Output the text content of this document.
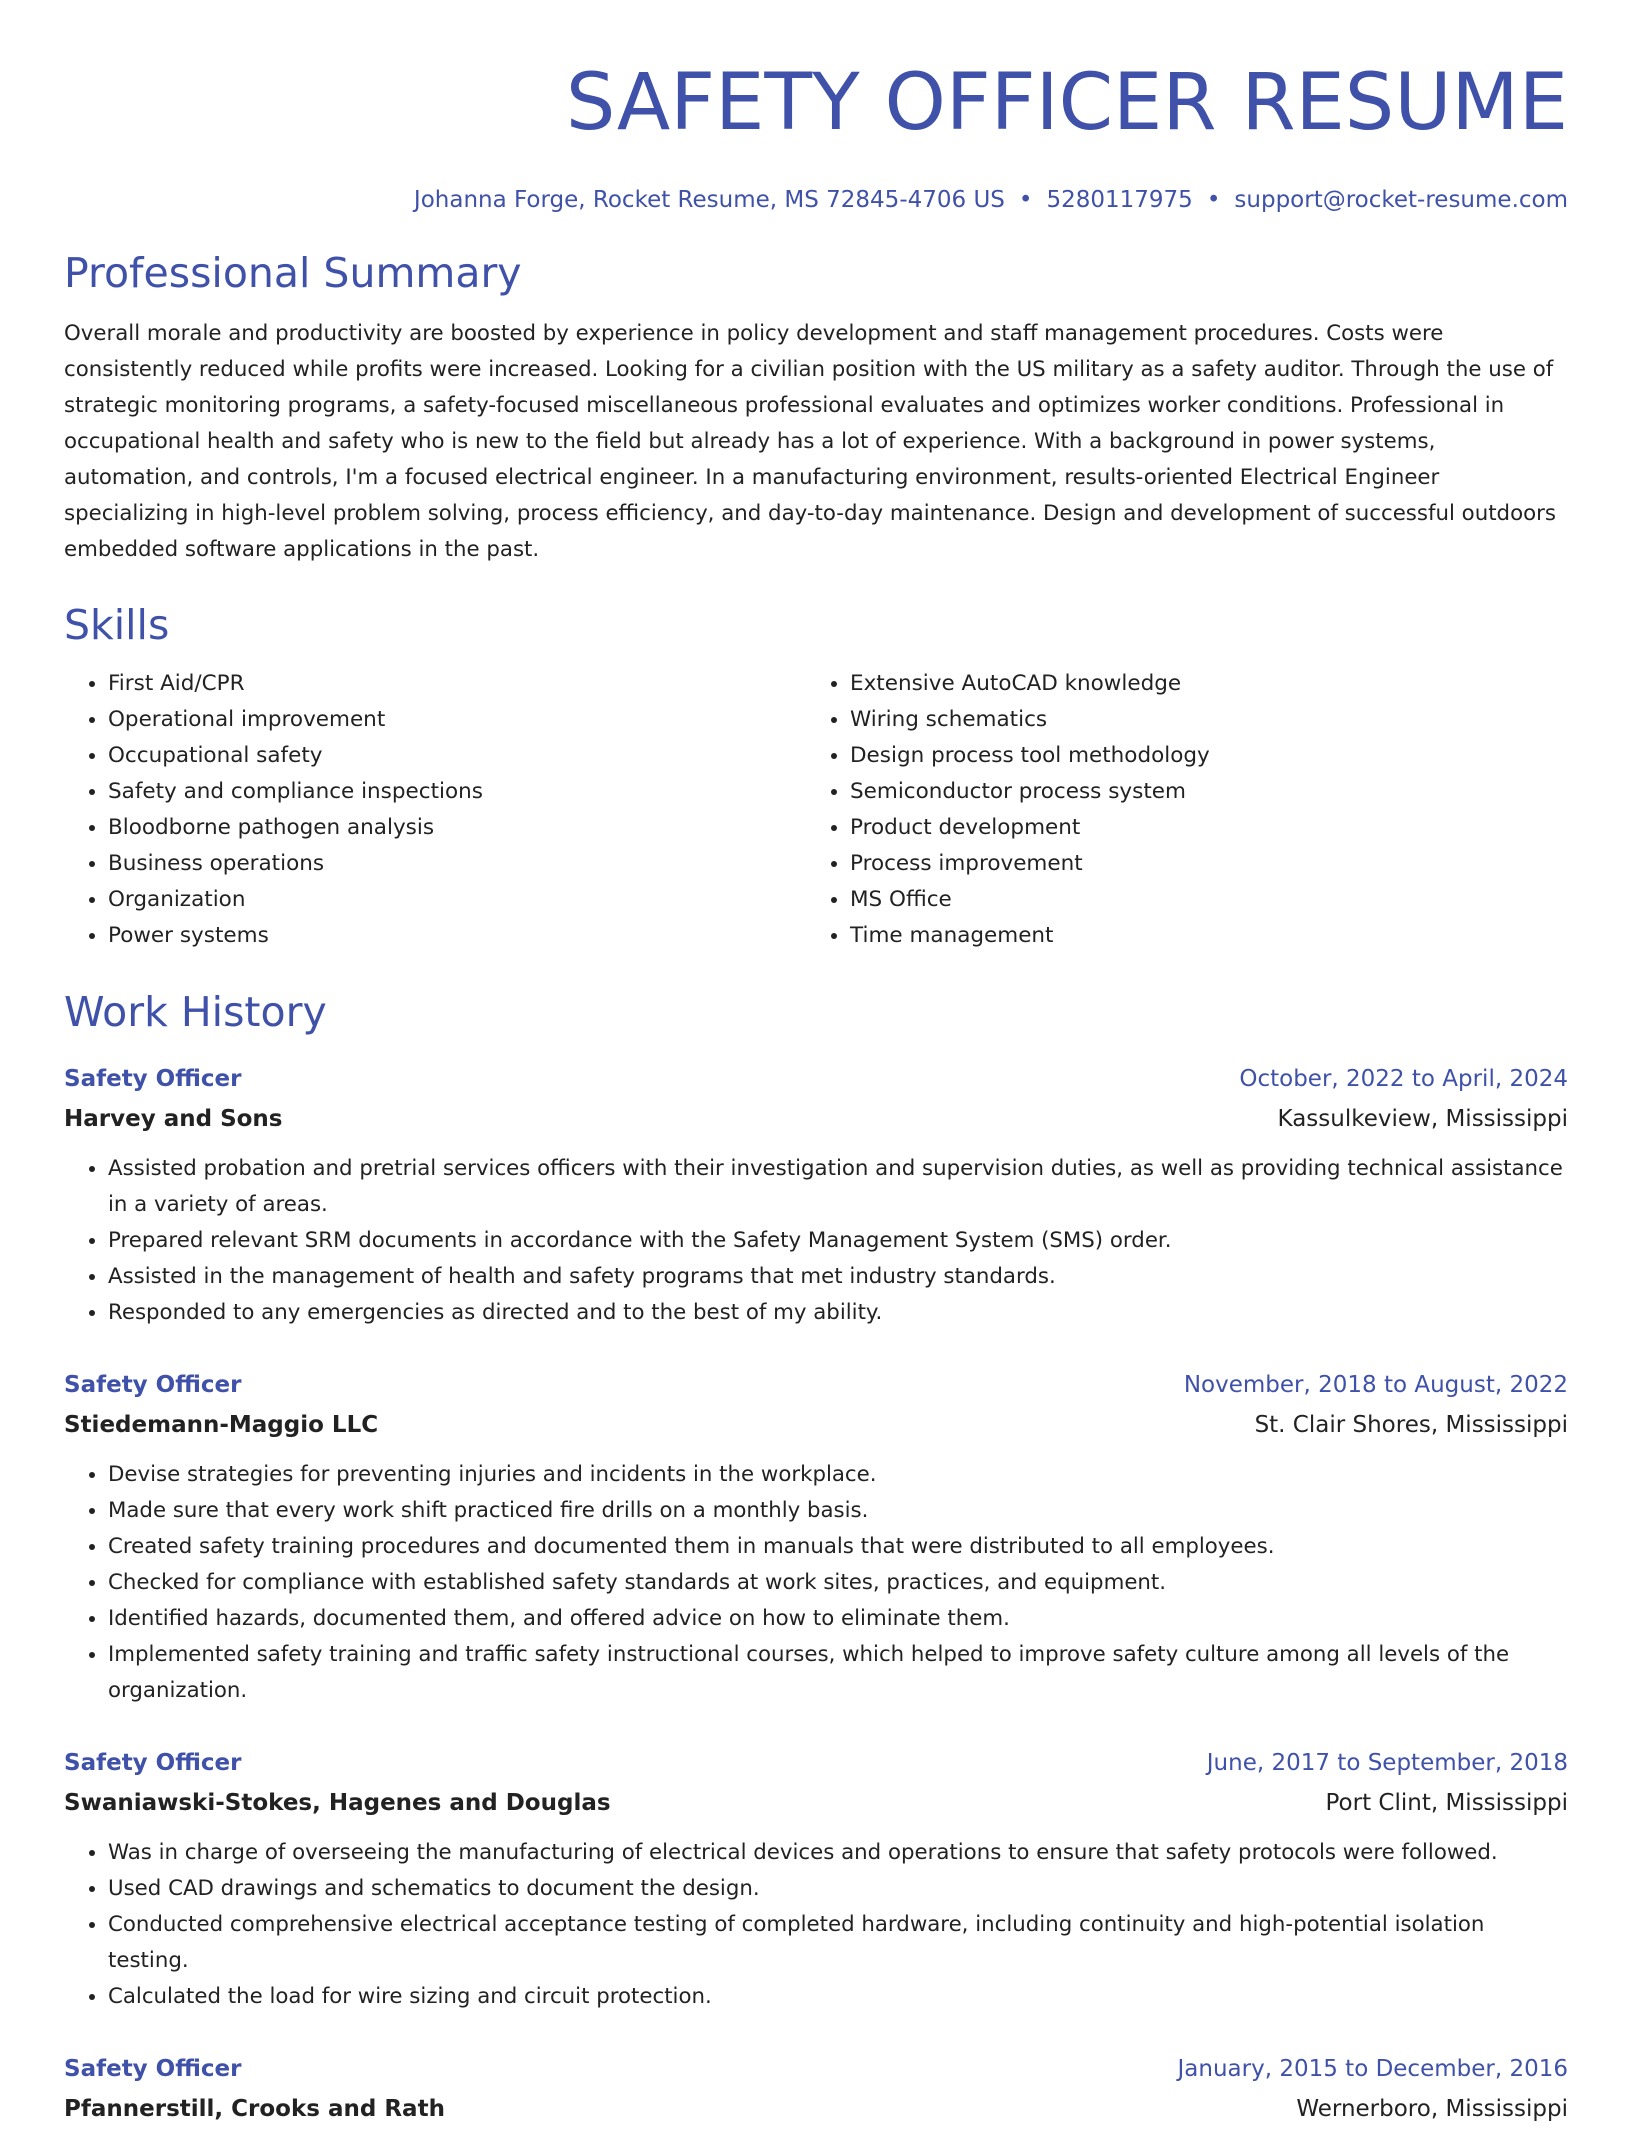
SAFETY OFFICER RESUME
Johanna Forge, Rocket Resume, MS 72845-4706 US • 5280117975 • support@rocket-resume.com
Professional Summary

Overall morale and productivity are boosted by experience in policy development and staff management procedures. Costs were consistently reduced while profits were increased. Looking for a civilian position with the US military as a safety auditor. Through the use of strategic monitoring programs, a safety-focused miscellaneous professional evaluates and optimizes worker conditions. Professional in occupational health and safety who is new to the field but already has a lot of experience. With a background in power systems, automation, and controls, I'm a focused electrical engineer. In a manufacturing environment, results-oriented Electrical Engineer specializing in high-level problem solving, process efficiency, and day-to-day maintenance. Design and development of successful outdoors embedded software applications in the past.

Skills
• First Aid/CPR
• Operational improvement
• Occupational safety
• Safety and compliance inspections
• Bloodborne pathogen analysis
• Business operations
• Organization
• Power systems
• Extensive AutoCAD knowledge
• Wiring schematics
• Design process tool methodology
• Semiconductor process system
• Product development
• Process improvement
• MS Office
• Time management
Work History
Safety Officer	October, 2022 to April, 2024
Harvey and Sons	Kassulkeview, Mississippi
• Assisted probation and pretrial services officers with their investigation and supervision duties, as well as providing technical assistance in a variety of areas.
• Prepared relevant SRM documents in accordance with the Safety Management System (SMS) order.
• Assisted in the management of health and safety programs that met industry standards.
• Responded to any emergencies as directed and to the best of my ability.
Safety Officer	November, 2018 to August, 2022
Stiedemann-Maggio LLC	St. Clair Shores, Mississippi
• Devise strategies for preventing injuries and incidents in the workplace.
• Made sure that every work shift practiced fire drills on a monthly basis.
• Created safety training procedures and documented them in manuals that were distributed to all employees.
• Checked for compliance with established safety standards at work sites, practices, and equipment.
• Identified hazards, documented them, and offered advice on how to eliminate them.
• Implemented safety training and traffic safety instructional courses, which helped to improve safety culture among all levels of the organization.
Safety Officer	June, 2017 to September, 2018
Swaniawski-Stokes, Hagenes and Douglas	Port Clint, Mississippi
• Was in charge of overseeing the manufacturing of electrical devices and operations to ensure that safety protocols were followed.
• Used CAD drawings and schematics to document the design.
• Conducted comprehensive electrical acceptance testing of completed hardware, including continuity and high-potential isolation testing.
• Calculated the load for wire sizing and circuit protection.
Safety Officer	January, 2015 to December, 2016
Pfannerstill, Crooks and Rath	Wernerboro, Mississippi
